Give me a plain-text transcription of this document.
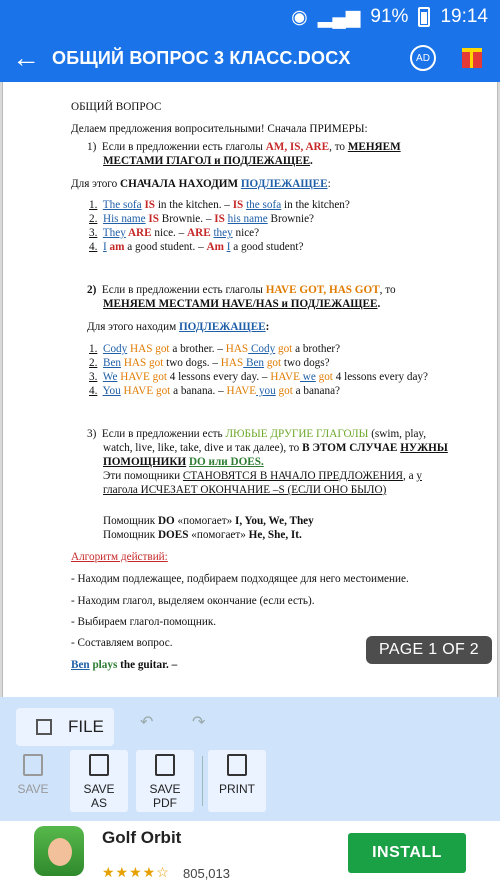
◉ ▂▄▆ 91% 19:14
← ОБЩИЙ ВОПРОС 3 КЛАСС.DOCX	AD
ОБЩИЙ ВОПРОС
Делаем предложения вопросительными! Сначала ПРИМЕРЫ:
1) Если в предложении есть глаголы AM, IS, ARE, то МЕНЯЕМ
МЕСТАМИ ГЛАГОЛ и ПОДЛЕЖАЩЕЕ.
Для этого СНАЧАЛА НАХОДИМ ПОДЛЕЖАЩЕЕ:
1. The sofa IS in the kitchen. – IS the sofa in the kitchen?
2. His name IS Brownie. – IS his name Brownie?
3. They ARE nice. – ARE they nice?
4. I am a good student. – Am I a good student?
2) Если в предложении есть глаголы HAVE GOT, HAS GOT, то
МЕНЯЕМ МЕСТАМИ HAVE/HAS и ПОДЛЕЖАЩЕЕ.
Для этого находим ПОДЛЕЖАЩЕЕ:
1. Cody HAS got a brother. – HAS Cody got a brother?
2. Ben HAS got two dogs. – HAS Ben got two dogs?
3. We HAVE got 4 lessons every day. – HAVE we got 4 lessons every day?
4. You HAVE got a banana. – HAVE you got a banana?
3) Если в предложении есть ЛЮБЫЕ ДРУГИЕ ГЛАГОЛЫ (swim, play,
watch, live, like, take, dive и так далее), то В ЭТОМ СЛУЧАЕ НУЖНЫ
ПОМОЩНИКИ DO или DOES.
Эти помощники СТАНОВЯТСЯ В НАЧАЛО ПРЕДЛОЖЕНИЯ, а у
глагола ИСЧЕЗАЕТ ОКОНЧАНИЕ –S (ЕСЛИ ОНО БЫЛО)
Помощник DO «помогает» I, You, We, They
Помощник DOES «помогает» He, She, It.
Алгоритм действий:
- Находим подлежащее, подбираем подходящее для него местоимение.
- Находим глагол, выделяем окончание (если есть).
- Выбираем глагол-помощник.
- Составляем вопрос.
Ben plays the guitar. –
PAGE 1 OF 2
FILE ↶ ↷
SAVE	SAVE
AS
SAVE
PDF
PRINT
Golf Orbit
★★★★☆ 805,013
INSTALL
